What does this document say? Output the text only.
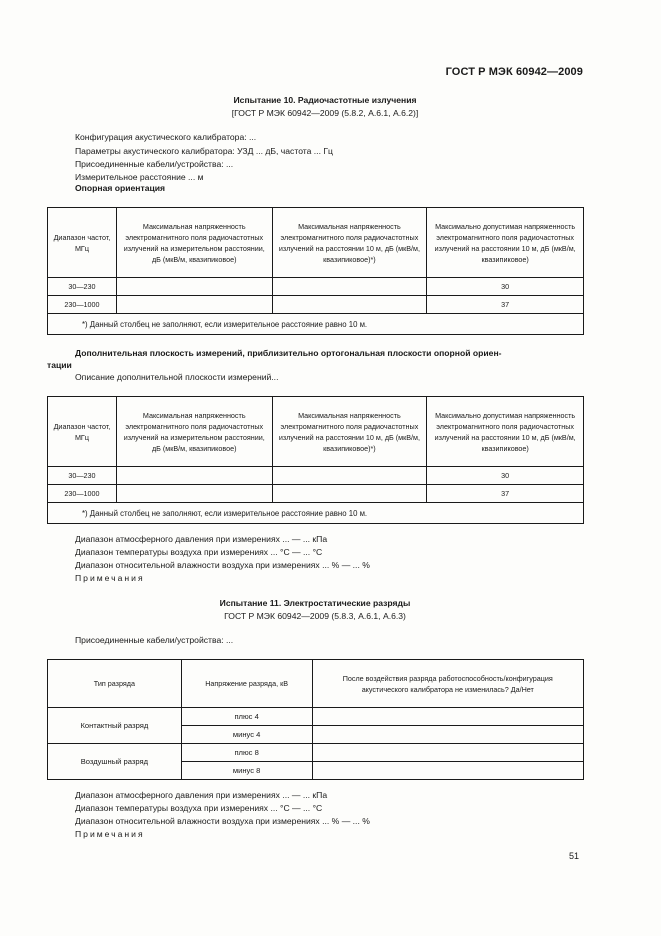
ГОСТ Р МЭК 60942—2009
Испытание 10. Радиочастотные излучения
[ГОСТ Р МЭК 60942—2009 (5.8.2, А.6.1, А.6.2)]
Конфигурация акустического калибратора: ...
Параметры акустического калибратора: УЗД ... дБ, частота ... Гц
Присоединенные кабели/устройства: ...
Измерительное расстояние ... м
Опорная ориентация
Диапазон частот, МГц	Максимальная напряженность электромагнитного поля радиочастотных излучений на измерительном расстоянии, дБ (мкВ/м, квазипиковое)	Максимальная напряженность электромагнитного поля радиочастотных излучений на расстоянии 10 м, дБ (мкВ/м, квазипиковое)*)	Максимально допустимая напряженность электромагнитного поля радиочастотных излучений на расстоянии 10 м, дБ (мкВ/м, квазипиковое)
30—230			30
230—1000			37
*) Данный столбец не заполняют, если измерительное расстояние равно 10 м.			
Дополнительная плоскость измерений, приблизительно ортогональная плоскости опорной ориен-
тации
Описание дополнительной плоскости измерений...
Диапазон частот, МГц	Максимальная напряженность электромагнитного поля радиочастотных излучений на измерительном расстоянии, дБ (мкВ/м, квазипиковое)	Максимальная напряженность электромагнитного поля радиочастотных излучений на расстоянии 10 м, дБ (мкВ/м, квазипиковое)*)	Максимально допустимая напряженность электромагнитного поля радиочастотных излучений на расстоянии 10 м, дБ (мкВ/м, квазипиковое)
30—230			30
230—1000			37
*) Данный столбец не заполняют, если измерительное расстояние равно 10 м.			
Диапазон атмосферного давления при измерениях ... — ... кПа
Диапазон температуры воздуха при измерениях ... °С — ... °С
Диапазон относительной влажности воздуха при измерениях ... % — ... %
Примечания
Испытание 11. Электростатические разряды
ГОСТ Р МЭК 60942—2009 (5.8.3, А.6.1, А.6.3)
Присоединенные кабели/устройства: ...
Тип разряда	Напряжение разряда, кВ	После воздействия разряда работоспособность/конфигурация акустического калибратора не изменилась? Да/Нет
Контактный разряд	плюс 4	
	минус 4	
Воздушный разряд	плюс 8	
	минус 8	
Диапазон атмосферного давления при измерениях ... — ... кПа
Диапазон температуры воздуха при измерениях ... °С — ... °С
Диапазон относительной влажности воздуха при измерениях ... % — ... %
Примечания
51
